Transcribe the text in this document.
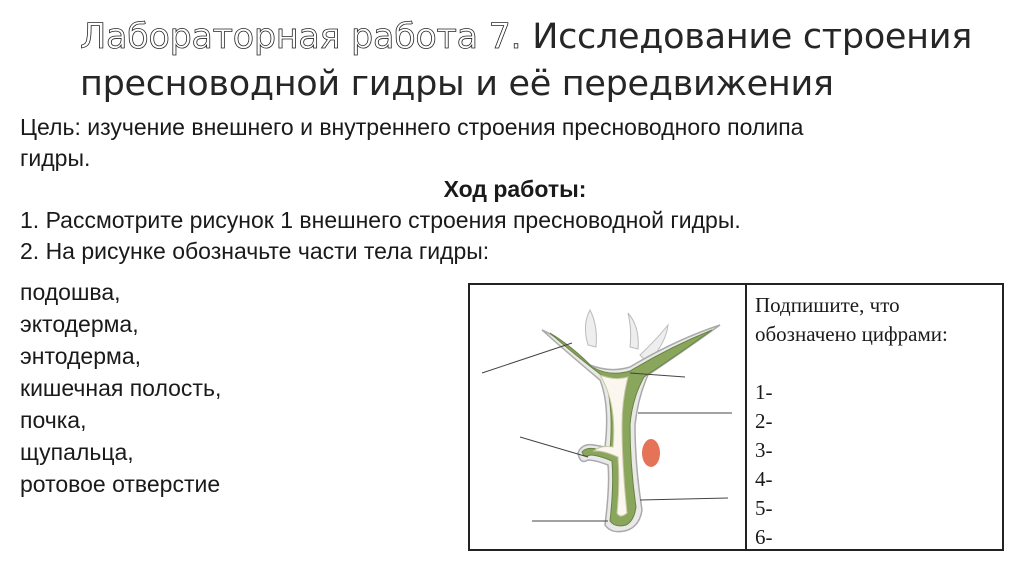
Лабораторная работа 7. Исследование строения
пресноводной гидры и её передвижения
Цель: изучение внешнего и внутреннего строения пресноводного полипа
гидры.
Ход работы:
1. Рассмотрите рисунок 1 внешнего строения пресноводной гидры.
2. На рисунке обозначьте части тела гидры:
подошва,
эктодерма,
энтодерма,
кишечная полость,
почка,
щупальца,
ротовое отверстие
Подпишите, что
обозначено цифрами:
1-
2-
3-
4-
5-
6-
